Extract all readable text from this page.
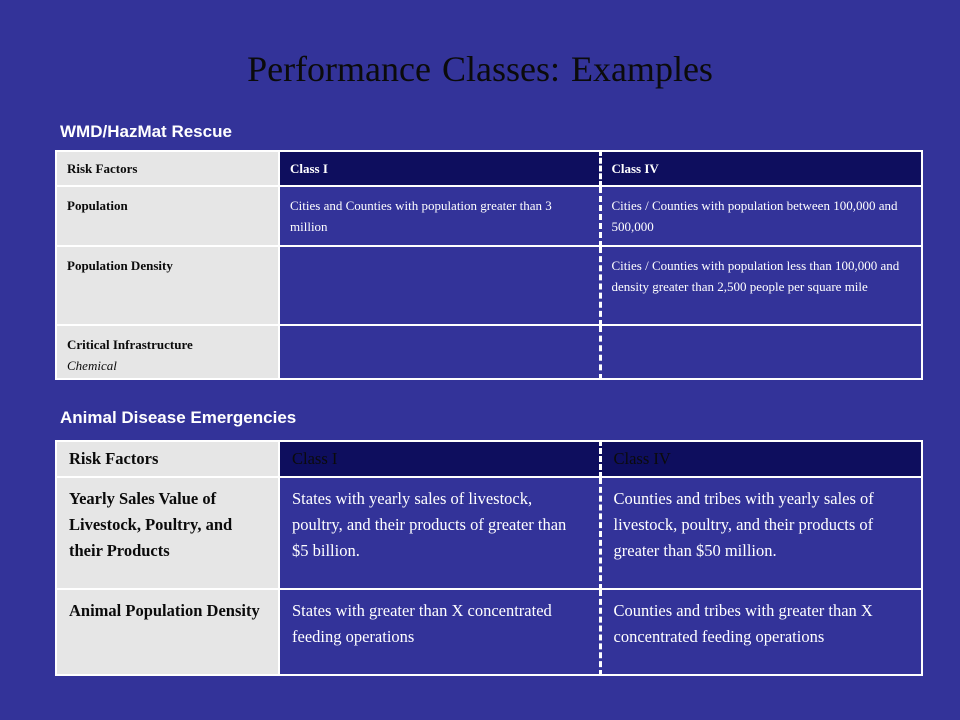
Performance Classes: Examples
WMD/HazMat Rescue
Risk Factors	Class I	Class IV

Population	Cities and Counties with population greater than 3 million	Cities / Counties with population between 100,000 and 500,000

Population Density		Cities / Counties with population less than 100,000 and density greater than 2,500 people per square mile

Critical Infrastructure
Chemical		

Animal Disease Emergencies
Risk Factors	Class I	Class IV

Yearly Sales Value of Livestock, Poultry, and their Products	States with yearly sales of livestock, poultry, and their products of greater than $5 billion.	Counties and tribes with yearly sales of livestock, poultry, and their products of greater than $50 million.

Animal Population Density	States with greater than X concentrated feeding operations	Counties and tribes with greater than X concentrated feeding operations
